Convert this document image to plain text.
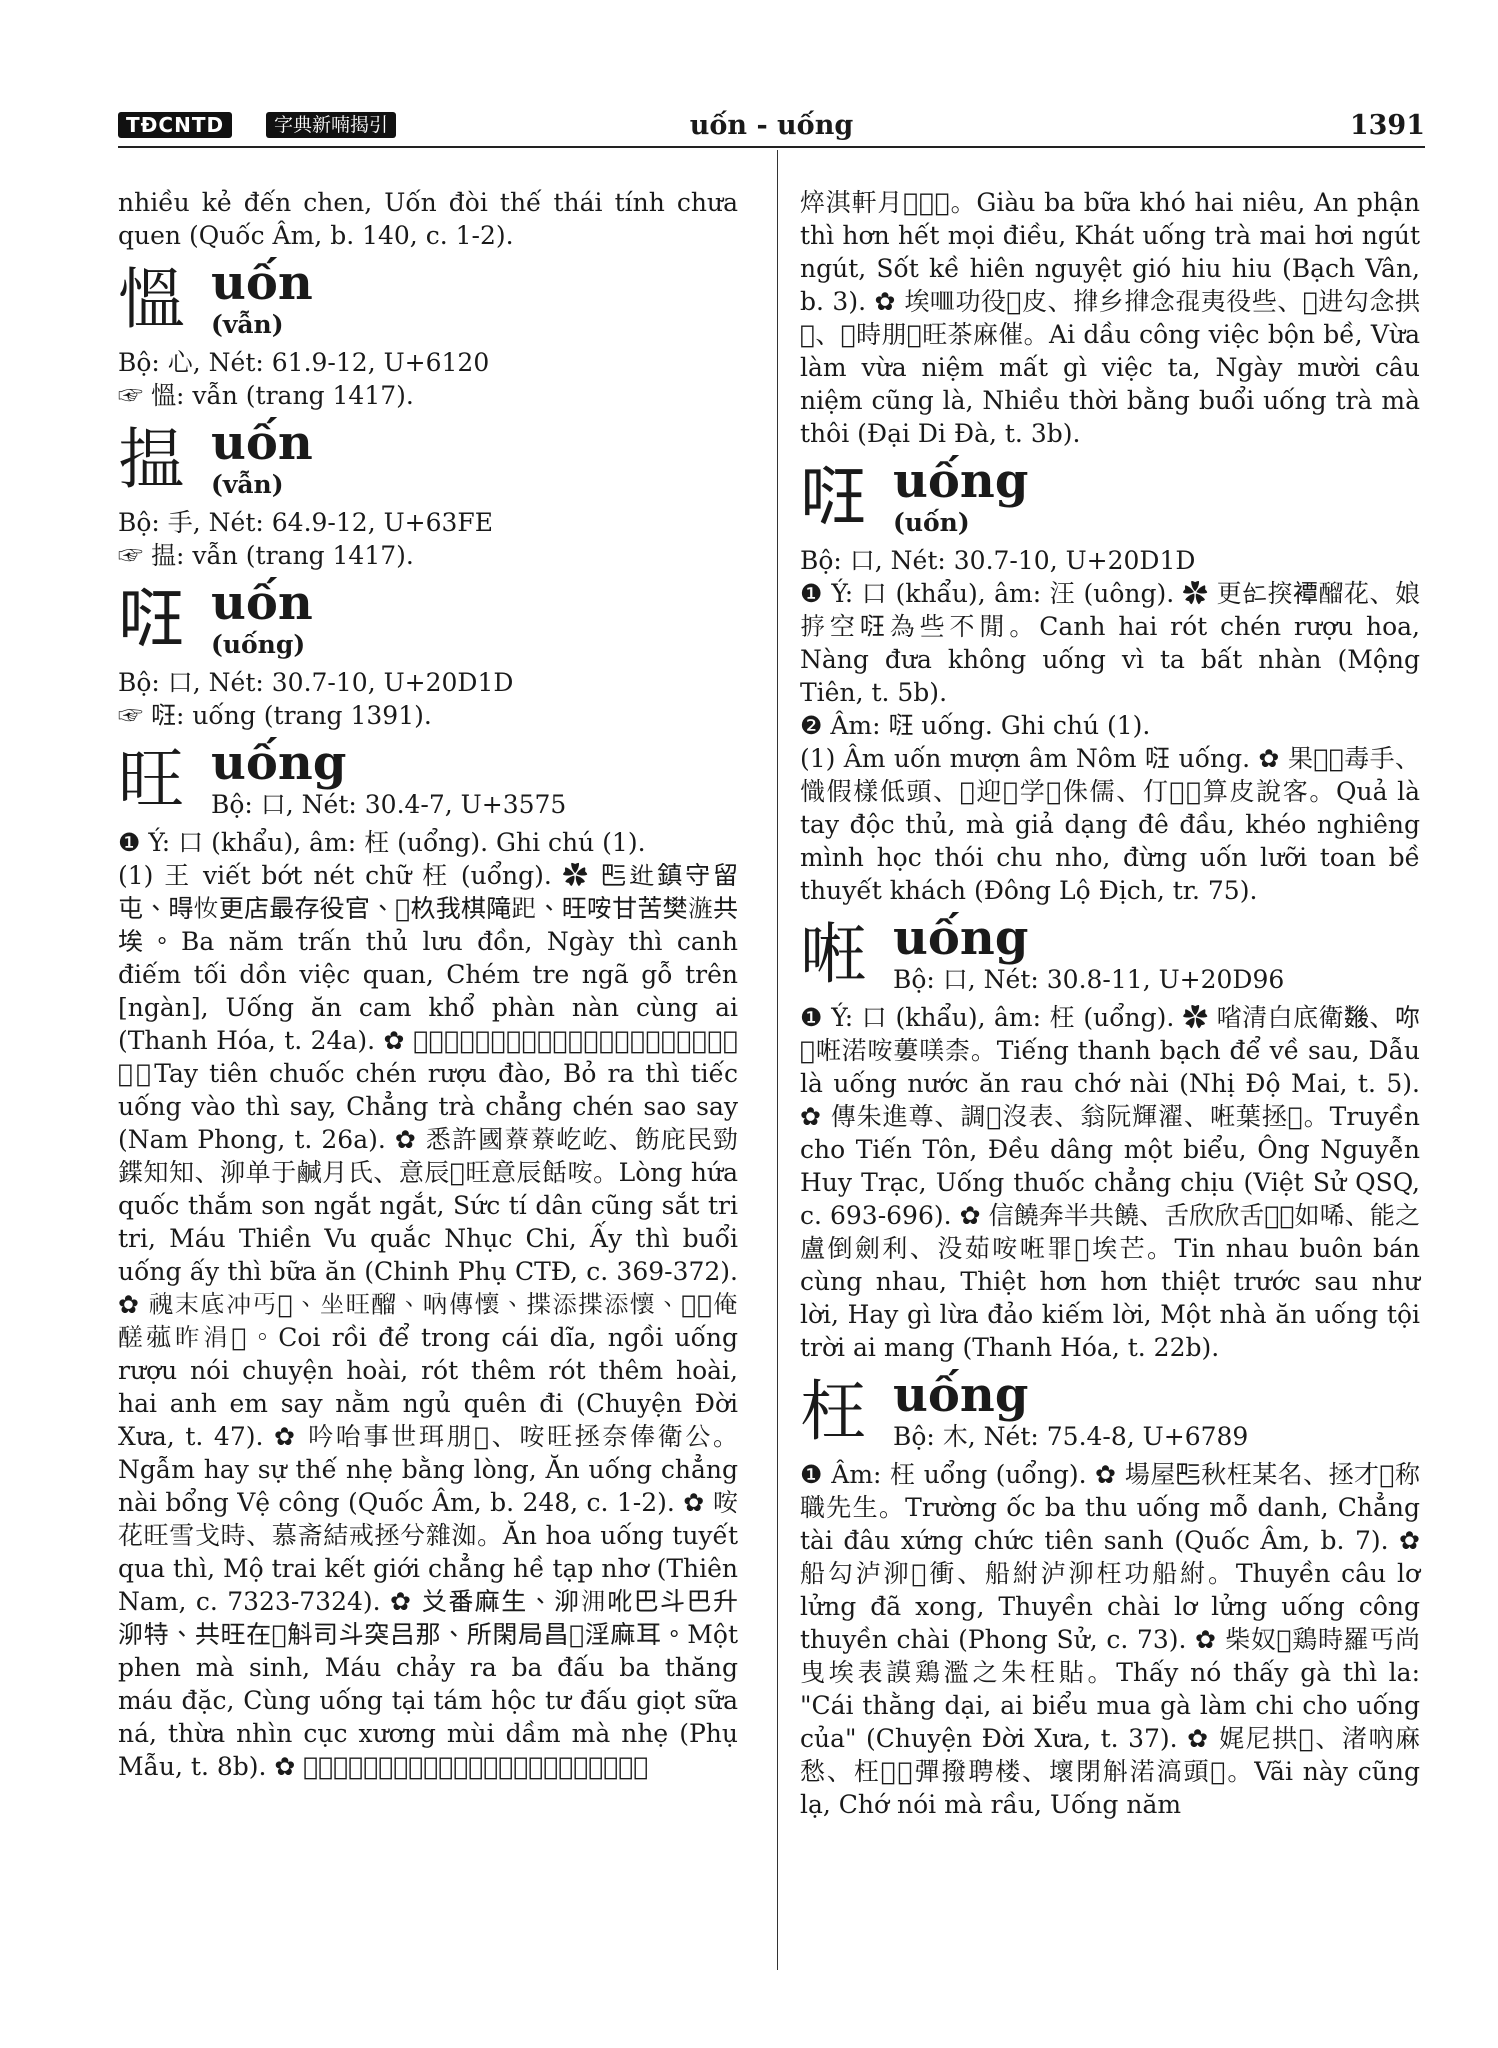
TĐCNTD	字典新喃揭引	uốn - uống	1391

nhiều kẻ đến chen, Uốn đòi thế thái tính chưa quen (Quốc Âm, b. 140, c. 1-2).

慍 uốn
(vẫn)

Bộ: 心, Nét: 61.9-12, U+6120

☞ 慍: vẫn (trang 1417).

揾 uốn
(vẫn)

Bộ: 手, Nét: 64.9-12, U+63FE

☞ 揾: vẫn (trang 1417).

𠴝 uốn
(uống)

Bộ: 口, Nét: 30.7-10, U+20D1D

☞ 𠴝: uống (trang 1391).

旺 uống
Bộ: 口, Nét: 30.4-7, U+3575

❶ Ý: 口 (khẩu), âm: 枉 (uổng). Ghi chú (1).

(1) 王 viết bớt nét chữ 枉 (uổng). ✿ 𠀧𨑮鎮守留屯、𣈜𢖵更店最存役官、𠛣杦我棋𨻫𧿆、旺咹甘苦樊𣻓共埃。Ba năm trấn thủ lưu đồn, Ngày thì canh điếm tối dồn việc quan, Chém tre ngã gỗ trên [ngàn], Uống ăn cam khổ phàn nàn cùng ai (Thanh Hóa, t. 24a). ✿ 𢬣仙祝𧝓𨡎桃、補𤳸辰惜旺𢧚辰醝、庄𣘃庄𧝓牢醝。Tay tiên chuốc chén rượu đào, Bỏ ra thì tiếc uống vào thì say, Chẳng trà chẳng chén sao say (Nam Phong, t. 26a). ✿ 悉許國𦼔𦼔屹屹、飭庇民勁鍱知知、泖单于鹹月氏、意辰𣅶旺意辰餂咹。Lòng hứa quốc thắm son ngắt ngắt, Sức tí dân cũng sắt tri tri, Máu Thiền Vu quắc Nhục Chi, Ấy thì buổi uống ấy thì bữa ăn (Chinh Phụ CTĐ, c. 369-372). ✿ 𩲡末底冲丐𥑂、坐旺𨢇、吶傳懷、揲添揲添懷、𠄩𠑬俺醝𦴉昨涓𢫝。Coi rồi để trong cái dĩa, ngồi uống rượu nói chuyện hoài, rót thêm rót thêm hoài, hai anh em say nằm ngủ quên đi (Chuyện Đời Xưa, t. 47). ✿ 吟咍事世珥朋𢚸、咹旺拯奈俸衛公。Ngẫm hay sự thế nhẹ bằng lòng, Ăn uống chẳng nài bổng Vệ công (Quốc Âm, b. 248, c. 1-2). ✿ 咹花旺雪戈時、慕斋結戒拯兮雜洳。Ăn hoa uống tuyết qua thì, Mộ trai kết giới chẳng hề tạp nhơ (Thiên Nam, c. 7323-7324). ✿ 𠬠番麻生、泖𣳔吪巴斗巴升泖特、共旺在𤈜斛司斗突吕那、所閑局昌𦣰淫麻耳。Một phen mà sinh, Máu chảy ra ba đấu ba thăng máu đặc, Cùng uống tại tám hộc tư đấu giọt sữa ná, thừa nhìn cục xương mùi dầm mà nhẹ (Phụ Mẫu, t. 8b). ✿ 𩛄𠀧餂𩛷𠄩𨤔、安分時欣歇每調、渴旺茶梅唏吼吼、

焠淇軒月𧾿𠽋𠽋。Giàu ba bữa khó hai niêu, An phận thì hơn hết mọi điều, Khát uống trà mai hơi ngút ngút, Sốt kề hiên nguyệt gió hiu hiu (Bạch Vân, b. 3). ✿ 埃𠰘功役𢫝皮、𢯰乡𢯰念𡥵夷役些、𣈜进勾念拱𢀨、𤾓時朋𣈜旺茶麻催。Ai dầu công việc bộn bề, Vừa làm vừa niệm mất gì việc ta, Ngày mười câu niệm cũng là, Nhiều thời bằng buổi uống trà mà thôi (Đại Di Đà, t. 3b).

𠴝 uống
(uốn)

Bộ: 口, Nét: 30.7-10, U+20D1D

❶ Ý: 口 (khẩu), âm: 汪 (uông). ✿ 更𠄩揬𧝓𨢇花、娘𢭸空𠴝為些不閒。Canh hai rót chén rượu hoa, Nàng đưa không uống vì ta bất nhàn (Mộng Tiên, t. 5b).

❷ Âm: 𠴝 uống. Ghi chú (1).

(1) Âm uốn mượn âm Nôm 𠴝 uống. ✿ 果𢀨𢬣毒手、𢡠假樣低頭、𢭸迎𨉟学𧡊侏儒、仃𠴝𠴗算皮說客。Quả là tay độc thủ, mà giả dạng đê đầu, khéo nghiêng mình học thói chu nho, đừng uốn lưỡi toan bề thuyết khách (Đông Lộ Địch, tr. 75).

𠶖 uống
Bộ: 口, Nét: 30.8-11, U+20D96

❶ Ý: 口 (khẩu), âm: 枉 (uổng). ✿ 㗂清白底衛𢖖、𠰚𢀨𠶖渃咹蔞𠸍柰。Tiếng thanh bạch để về sau, Dẫu là uống nước ăn rau chớ nài (Nhị Độ Mai, t. 5). ✿ 傳朱進尊、調𠁀沒表、翁阮輝濯、𠶖葉拯𢜞。Truyền cho Tiến Tôn, Đều dâng một biểu, Ông Nguyễn Huy Trạc, Uống thuốc chẳng chịu (Việt Sử QSQ, c. 693-696). ✿ 信饒奔半共饒、舌欣欣舌𥾽𢖖如唏、能之盧倒劍利、没茹咹𠶖罪𡗶埃芒。Tin nhau buôn bán cùng nhau, Thiệt hơn hơn thiệt trước sau như lời, Hay gì lừa đảo kiếm lời, Một nhà ăn uống tội trời ai mang (Thanh Hóa, t. 22b).

枉 uống
Bộ: 木, Nét: 75.4-8, U+6789

❶ Âm: 枉 uổng (uổng). ✿ 場屋𠀧秋枉某名、拯才𠁑称職先生。Trường ốc ba thu uống mỗ danh, Chẳng tài đâu xứng chức tiên sanh (Quốc Âm, b. 7). ✿ 船勾泸泖𡲈衝、船紨泸泖枉功船紨。Thuyền câu lơ lửng đã xong, Thuyền chài lơ lửng uống công thuyền chài (Phong Sử, c. 73). ✿ 柴奴𧡊鶏時羅丐尚曳埃表謨鶏濫之朱枉貼。Thấy nó thấy gà thì la: "Cái thằng dại, ai biểu mua gà làm chi cho uống của" (Chuyện Đời Xưa, t. 37). ✿ 娓尼拱𨀈、渚吶麻愁、枉𨢇𦃿彈撥聘楼、壞閉斛渃滈頭𩠓。Vãi này cũng lạ, Chớ nói mà rầu, Uống năm
